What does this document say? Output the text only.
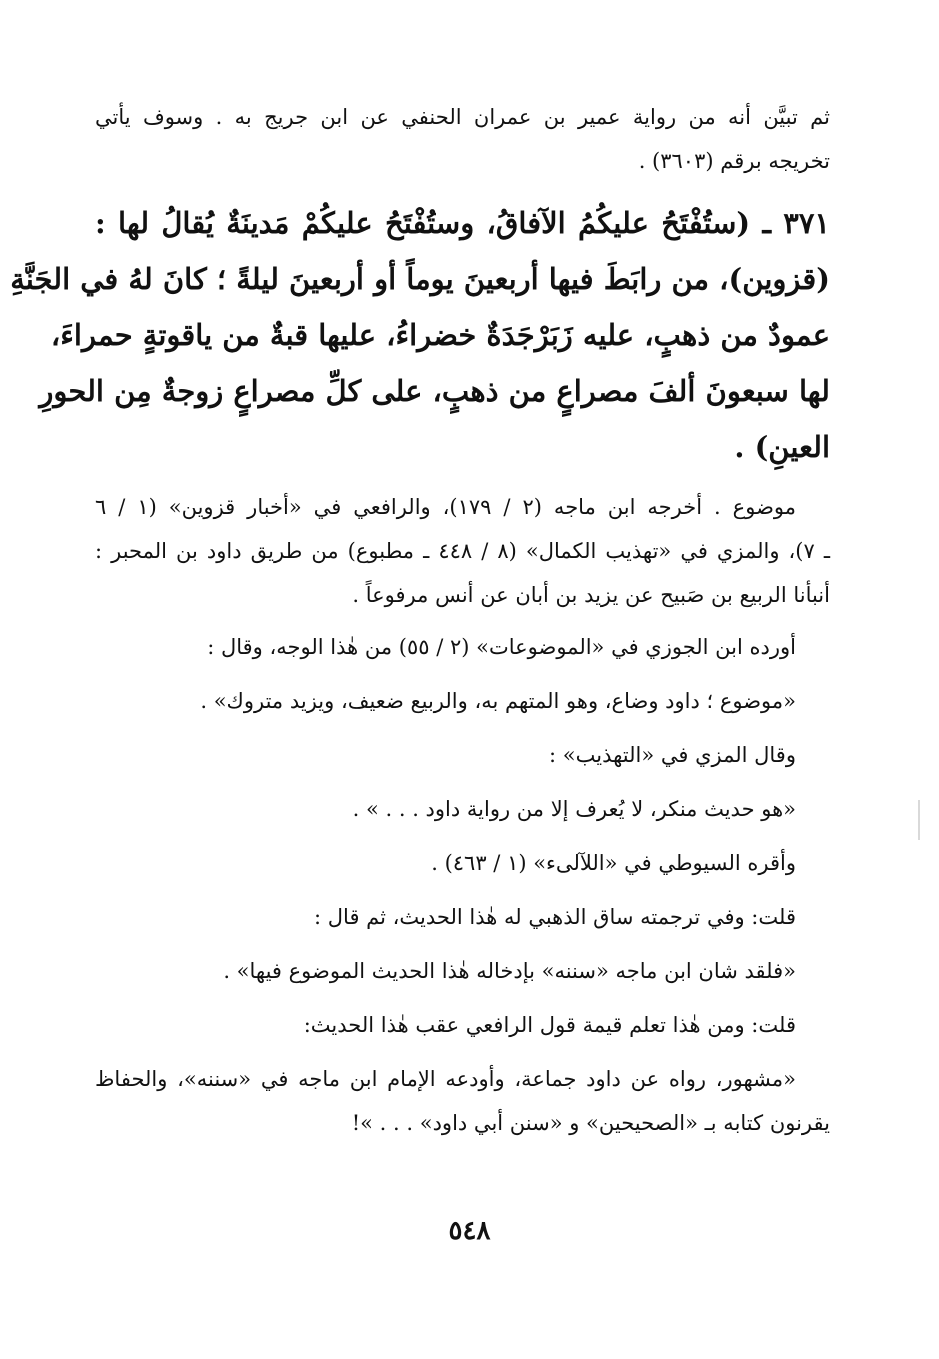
ثم تبيَّن أنه من رواية عمير بن عمران الحنفي عن ابن جريج به . وسوف يأتي
تخريجه برقم (٣٦٠٣) .
٣٧١ ـ (ستُفْتَحُ عليكُمُ الآفاقُ، وستُفْتَحُ عليكُمْ مَدينَةٌ يُقالُ لها :
(قزوين)، من رابَطَ فيها أربعينَ يوماً أو أربعينَ ليلةً ؛ كانَ لهُ في الجَنَّةِ
عمودٌ من ذهبٍ، عليه زَبَرْجَدَةٌ خضراءُ، عليها قبةٌ من ياقوتةٍ حمراءَ،
لها سبعونَ ألفَ مصراعٍ من ذهبٍ، على كلِّ مصراعٍ زوجةٌ مِن الحورِ
العينِ) .
موضوع . أخرجه ابن ماجه (٢ / ١٧٩)، والرافعي في «أخبار قزوين» (١ / ٦
ـ ٧)، والمزي في «تهذيب الكمال» (٨ / ٤٤٨ ـ مطبوع) من طريق داود بن المحبر :
أنبأنا الربيع بن صَبيح عن يزيد بن أبان عن أنس مرفوعاً .
أورده ابن الجوزي في «الموضوعات» (٢ / ٥٥) من هٰذا الوجه، وقال :
«موضوع ؛ داود وضاع، وهو المتهم به، والربيع ضعيف، ويزيد متروك» .
وقال المزي في «التهذيب» :
«هو حديث منكر، لا يُعرف إلا من رواية داود . . . » .
وأقره السيوطي في «اللآلىء» (١ / ٤٦٣) .
قلت: وفي ترجمته ساق الذهبي له هٰذا الحديث، ثم قال :
«فلقد شان ابن ماجه «سننه» بإدخاله هٰذا الحديث الموضوع فيها» .
قلت: ومن هٰذا تعلم قيمة قول الرافعي عقب هٰذا الحديث:
«مشهور، رواه عن داود جماعة، وأودعه الإمام ابن ماجه في «سننه»، والحفاظ
يقرنون كتابه بـ «الصحيحين» و «سنن أبي داود» . . . »!
٥٤٨
